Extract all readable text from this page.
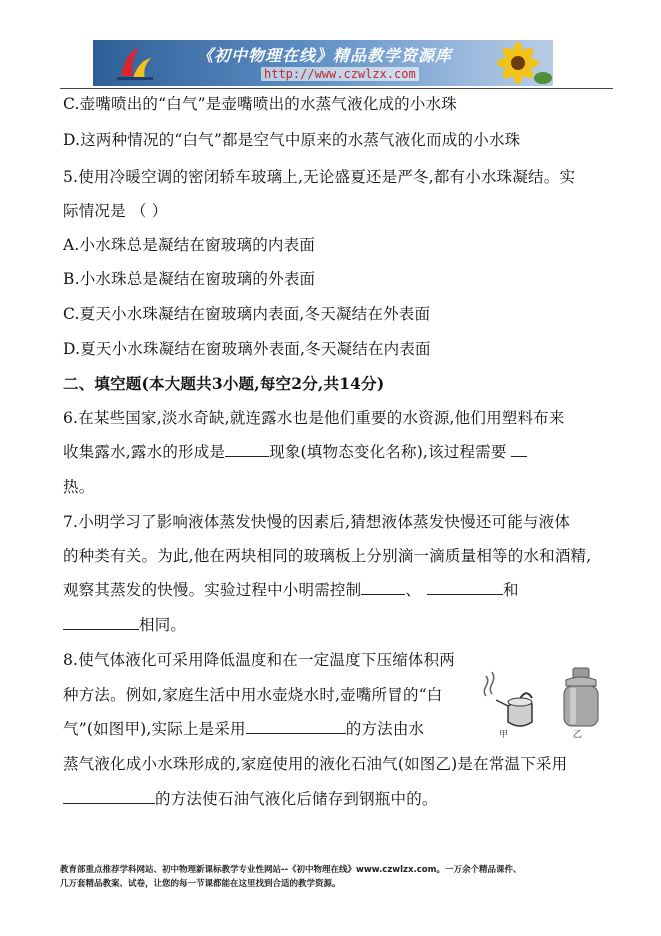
《初中物理在线》精品教学资源库
http://www.czwlzx.com
C.壶嘴喷出的“白气”是壶嘴喷出的水蒸气液化成的小水珠
D.这两种情况的“白气”都是空气中原来的水蒸气液化而成的小水珠
5.使用冷暖空调的密闭轿车玻璃上,无论盛夏还是严冬,都有小水珠凝结。实
际情况是 （ ）
A.小水珠总是凝结在窗玻璃的内表面
B.小水珠总是凝结在窗玻璃的外表面
C.夏天小水珠凝结在窗玻璃内表面,冬天凝结在外表面
D.夏天小水珠凝结在窗玻璃外表面,冬天凝结在内表面
二、填空题(本大题共3小题,每空2分,共14分)
6.在某些国家,淡水奇缺,就连露水也是他们重要的水资源,他们用塑料布来
收集露水,露水的形成是	现象(填物态变化名称),该过程需要
热。
7.小明学习了影响液体蒸发快慢的因素后,猜想液体蒸发快慢还可能与液体
的种类有关。为此,他在两块相同的玻璃板上分别滴一滴质量相等的水和酒精,
观察其蒸发的快慢。实验过程中小明需控制	、	和
相同。
8.使气体液化可采用降低温度和在一定温度下压缩体积两
种方法。例如,家庭生活中用水壶烧水时,壶嘴所冒的“白
气”(如图甲),实际上是采用	的方法由水
蒸气液化成小水珠形成的,家庭使用的液化石油气(如图乙)是在常温下采用
的方法使石油气液化后储存到钢瓶中的。
甲	乙
教育部重点推荐学科网站、初中物理新课标教学专业性网站--《初中物理在线》www.czwlzx.com。一万余个精品课件、
几万套精品教案、试卷，让您的每一节课都能在这里找到合适的教学资源。
